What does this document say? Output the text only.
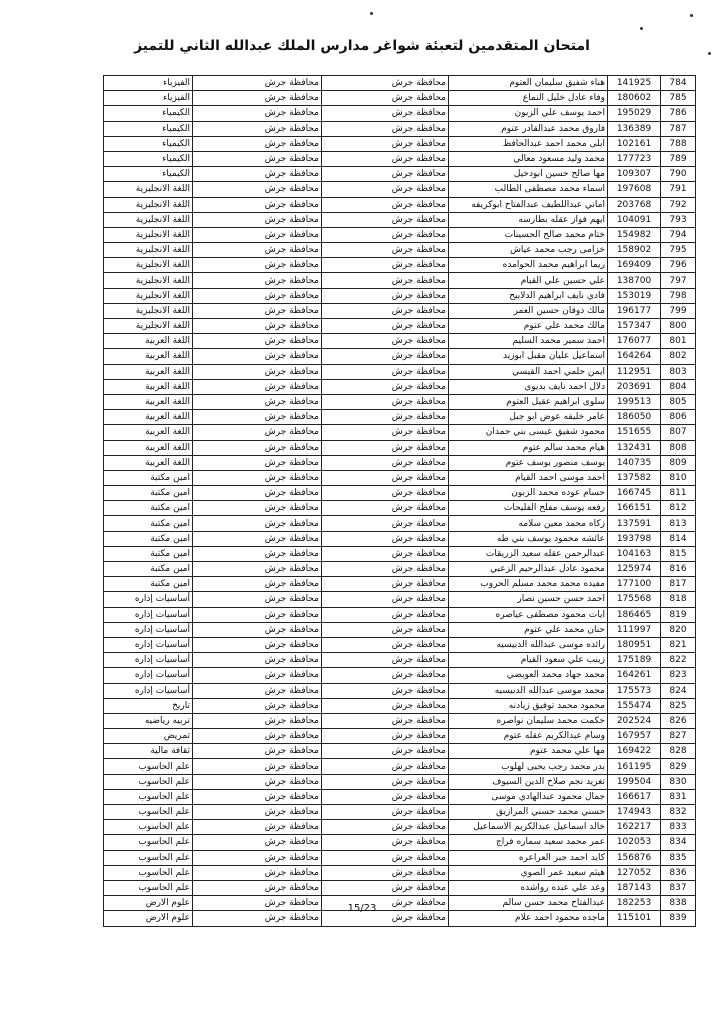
امتحان المتقدمين لتعبئة شواغر مدارس الملك عبدالله الثاني للتميز
784	141925	هناء شفيق سليمان العتوم	محافظة جرش	محافظة جرش	الفيزياء
785	180602	وفاء عادل خليل النماع	محافظة جرش	محافظة جرش	الفيزياء
786	195029	احمد يوسف علي الزبون	محافظة جرش	محافظة جرش	الكيمياء
787	136389	فاروق محمد عبدالقادر عتوم	محافظة جرش	محافظة جرش	الكيمياء
788	102161	ابلى محمد احمد عبدالحافظ	محافظة جرش	محافظة جرش	الكيمياء
789	177723	محمد وليد مسعود معالي	محافظة جرش	محافظة جرش	الكيمياء
790	109307	مها صالح حسين ابودخيل	محافظة جرش	محافظة جرش	الكيمياء
791	197608	اسماء محمد مصطفى الطالب	محافظة جرش	محافظة جرش	اللغة الانجليزية
792	203768	اماني عبداللطيف عبدالفتاح ابوكريفه	محافظة جرش	محافظة جرش	اللغة الانجليزية
793	104091	ايهم فواز عقله بطارسه	محافظة جرش	محافظة جرش	اللغة الانجليزية
794	154982	ختام محمد صالح الحسينات	محافظة جرش	محافظة جرش	اللغة الانجليزية
795	158902	خزامى رجب محمد عياش	محافظة جرش	محافظة جرش	اللغة الانجليزية
796	169409	ريما ابراهيم محمد الحوامده	محافظة جرش	محافظة جرش	اللغة الانجليزية
797	138700	علي حسين علي القيام	محافظة جرش	محافظة جرش	اللغة الانجليزية
798	153019	فادي نايف ابراهيم الدلابيح	محافظة جرش	محافظة جرش	اللغة الانجليزية
799	196177	مالك ذوقان حسين العمر	محافظة جرش	محافظة جرش	اللغة الانجليزية
800	157347	مالك محمد علي عتوم	محافظة جرش	محافظة جرش	اللغة الانجليزية
801	176077	احمد سمير محمد السليم	محافظة جرش	محافظة جرش	اللغة العربية
802	164264	اسماعيل عليان مقبل ابوزيد	محافظة جرش	محافظة جرش	اللغة العربية
803	112951	ايمن حلمي احمد القيسي	محافظة جرش	محافظة جرش	اللغة العربية
804	203691	دلال احمد نايف بديوي	محافظة جرش	محافظة جرش	اللغة العربية
805	199513	سلوى ابراهيم عقيل العتوم	محافظة جرش	محافظة جرش	اللغة العربية
806	186050	عامر خليفه عوض ابو جبل	محافظة جرش	محافظة جرش	اللغة العربية
807	151655	محمود شفيق عيسى بني حمدان	محافظة جرش	محافظة جرش	اللغة العربية
808	132431	هيام محمد سالم عتوم	محافظة جرش	محافظة جرش	اللغة العربية
809	140735	يوسف منصور يوسف عتوم	محافظة جرش	محافظة جرش	اللغة العربية
810	137582	احمد موسى احمد القيام	محافظة جرش	محافظة جرش	امين مكتبة
811	166745	حسام عوده محمد الزبون	محافظة جرش	محافظة جرش	امين مكتبة
812	166151	رفعه يوسف مفلح الفليحات	محافظة جرش	محافظة جرش	امين مكتبة
813	137591	زكاه محمد معين سلامه	محافظة جرش	محافظة جرش	امين مكتبة
814	193798	عائشه محمود يوسف بني طه	محافظة جرش	محافظة جرش	امين مكتبة
815	104163	عبدالرحمن عقله سعيد الزريقات	محافظة جرش	محافظة جرش	امين مكتبة
816	125974	محمود عادل عبدالرحيم الزعبي	محافظة جرش	محافظة جرش	امين مكتبة
817	177100	مفيده محمد محمد مسلم الحروب	محافظة جرش	محافظة جرش	امين مكتبة
818	175568	احمد حسن حسين نصار	محافظة جرش	محافظة جرش	أساسيات إداره
819	186465	ايات محمود مصطفى عياصره	محافظة جرش	محافظة جرش	أساسيات إداره
820	111997	حنان محمد علي عتوم	محافظة جرش	محافظة جرش	أساسيات إداره
821	180951	رائده موسى عبدالله الدبيسيه	محافظة جرش	محافظة جرش	أساسيات إداره
822	175189	زينب علي سعود القيام	محافظة جرش	محافظة جرش	أساسيات إداره
823	164261	محمد جهاد محمد العويضي	محافظة جرش	محافظة جرش	أساسيات إداره
824	175573	محمد موسى عبدالله الدبيسيه	محافظة جرش	محافظة جرش	أساسيات إداره
825	155474	محمود محمد توفيق زيادنه	محافظة جرش	محافظة جرش	تاريخ
826	202524	حكمت محمد سليمان نواصره	محافظة جرش	محافظة جرش	تربيه رياضيه
827	167957	وسام عبدالكريم عقله عتوم	محافظة جرش	محافظة جرش	تمريض
828	169422	مها علي محمد عتوم	محافظة جرش	محافظة جرش	ثقافة مالية
829	161195	بدر محمد رجب يحيى لهلوب	محافظة جرش	محافظة جرش	علم الحاسوب
830	199504	تغريد نجم صلاح الدين السيوف	محافظة جرش	محافظة جرش	علم الحاسوب
831	166617	جمال محمود عبدالهادي موسى	محافظة جرش	محافظة جرش	علم الحاسوب
832	174943	حسني محمد حسني المرازيق	محافظة جرش	محافظة جرش	علم الحاسوب
833	162217	خالد اسماعيل عبدالكريم الاسماعيل	محافظة جرش	محافظة جرش	علم الحاسوب
834	102053	عمر محمد سعيد سماره فراج	محافظة جرش	محافظة جرش	علم الحاسوب
835	156876	كايد احمد جبر العراعره	محافظة جرش	محافظة جرش	علم الحاسوب
836	127052	هيثم سعيد عمر الصوي	محافظة جرش	محافظة جرش	علم الحاسوب
837	187143	وعد علي عبده رواشده	محافظة جرش	محافظة جرش	علم الحاسوب
838	182253	عبدالفتاح محمد حسن سالم	محافظة جرش	محافظة جرش	علوم الارض
839	115101	ماجده محمود احمد علام	محافظة جرش	محافظة جرش	علوم الارض
15/23
